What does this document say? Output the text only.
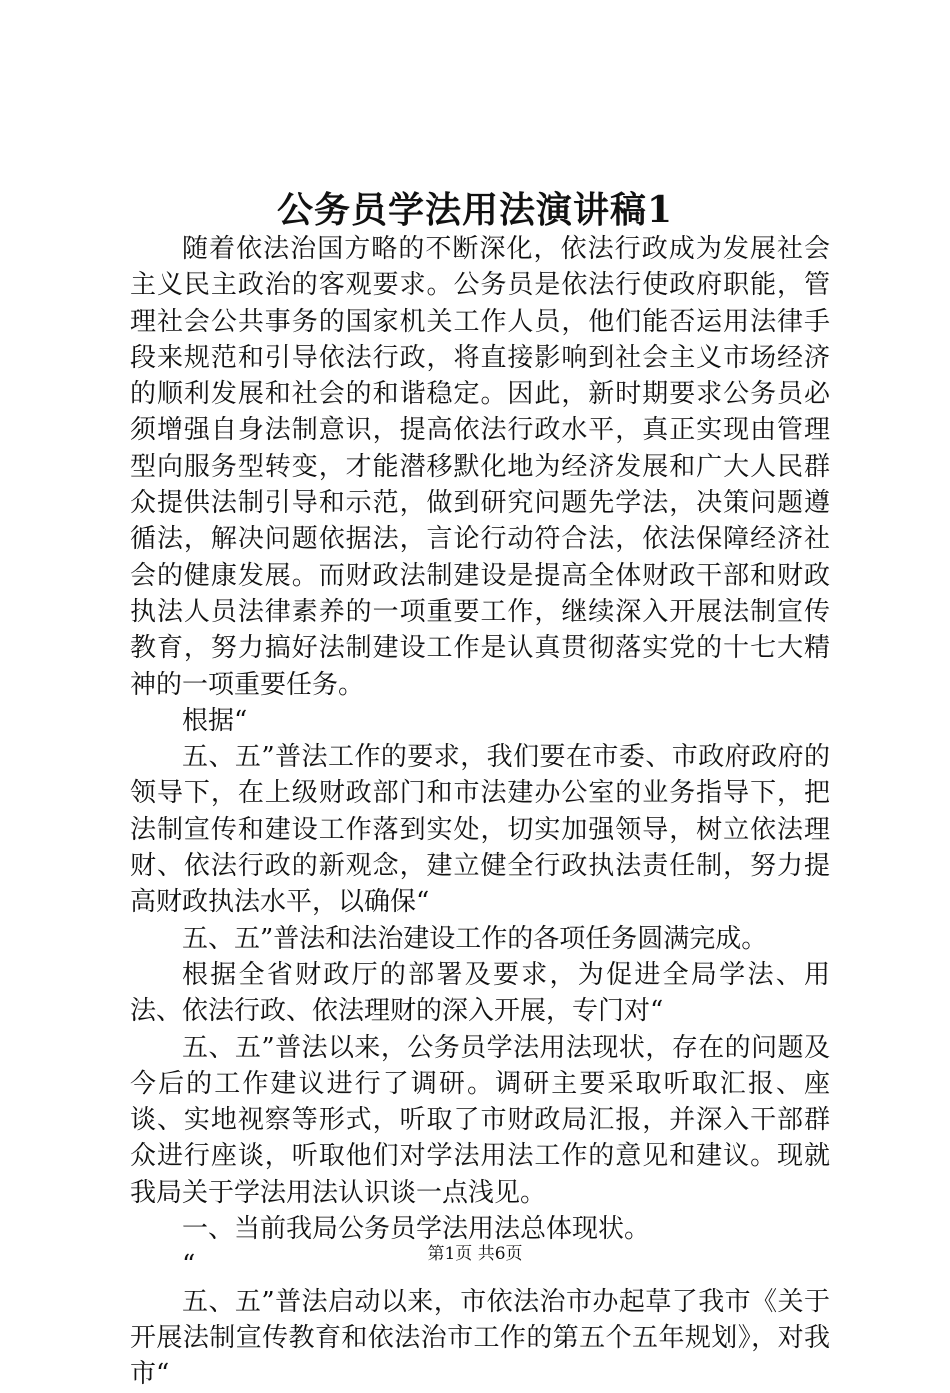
公务员学法用法演讲稿1

随着依法治国方略的不断深化，依法行政成为发展社会主义民主政治的客观要求。公务员是依法行使政府职能，管理社会公共事务的国家机关工作人员，他们能否运用法律手段来规范和引导依法行政，将直接影响到社会主义市场经济的顺利发展和社会的和谐稳定。因此，新时期要求公务员必须增强自身法制意识，提高依法行政水平，真正实现由管理型向服务型转变，才能潜移默化地为经济发展和广大人民群众提供法制引导和示范，做到研究问题先学法，决策问题遵循法，解决问题依据法，言论行动符合法，依法保障经济社会的健康发展。而财政法制建设是提高全体财政干部和财政执法人员法律素养的一项重要工作，继续深入开展法制宣传教育，努力搞好法制建设工作是认真贯彻落实党的十七大精神的一项重要任务。

根据“

五、五”普法工作的要求，我们要在市委、市政府政府的领导下，在上级财政部门和市法建办公室的业务指导下，把法制宣传和建设工作落到实处，切实加强领导，树立依法理财、依法行政的新观念，建立健全行政执法责任制，努力提高财政执法水平，以确保“

五、五”普法和法治建设工作的各项任务圆满完成。

根据全省财政厅的部署及要求，为促进全局学法、用法、依法行政、依法理财的深入开展，专门对“

五、五”普法以来，公务员学法用法现状，存在的问题及今后的工作建议进行了调研。调研主要采取听取汇报、座谈、实地视察等形式，听取了市财政局汇报，并深入干部群众进行座谈，听取他们对学法用法工作的意见和建议。现就我局关于学法用法认识谈一点浅见。

一、当前我局公务员学法用法总体现状。

“

五、五”普法启动以来，市依法治市办起草了我市《关于开展法制宣传教育和依法治市工作的第五个五年规划》，对我市“

第1页 共6页
